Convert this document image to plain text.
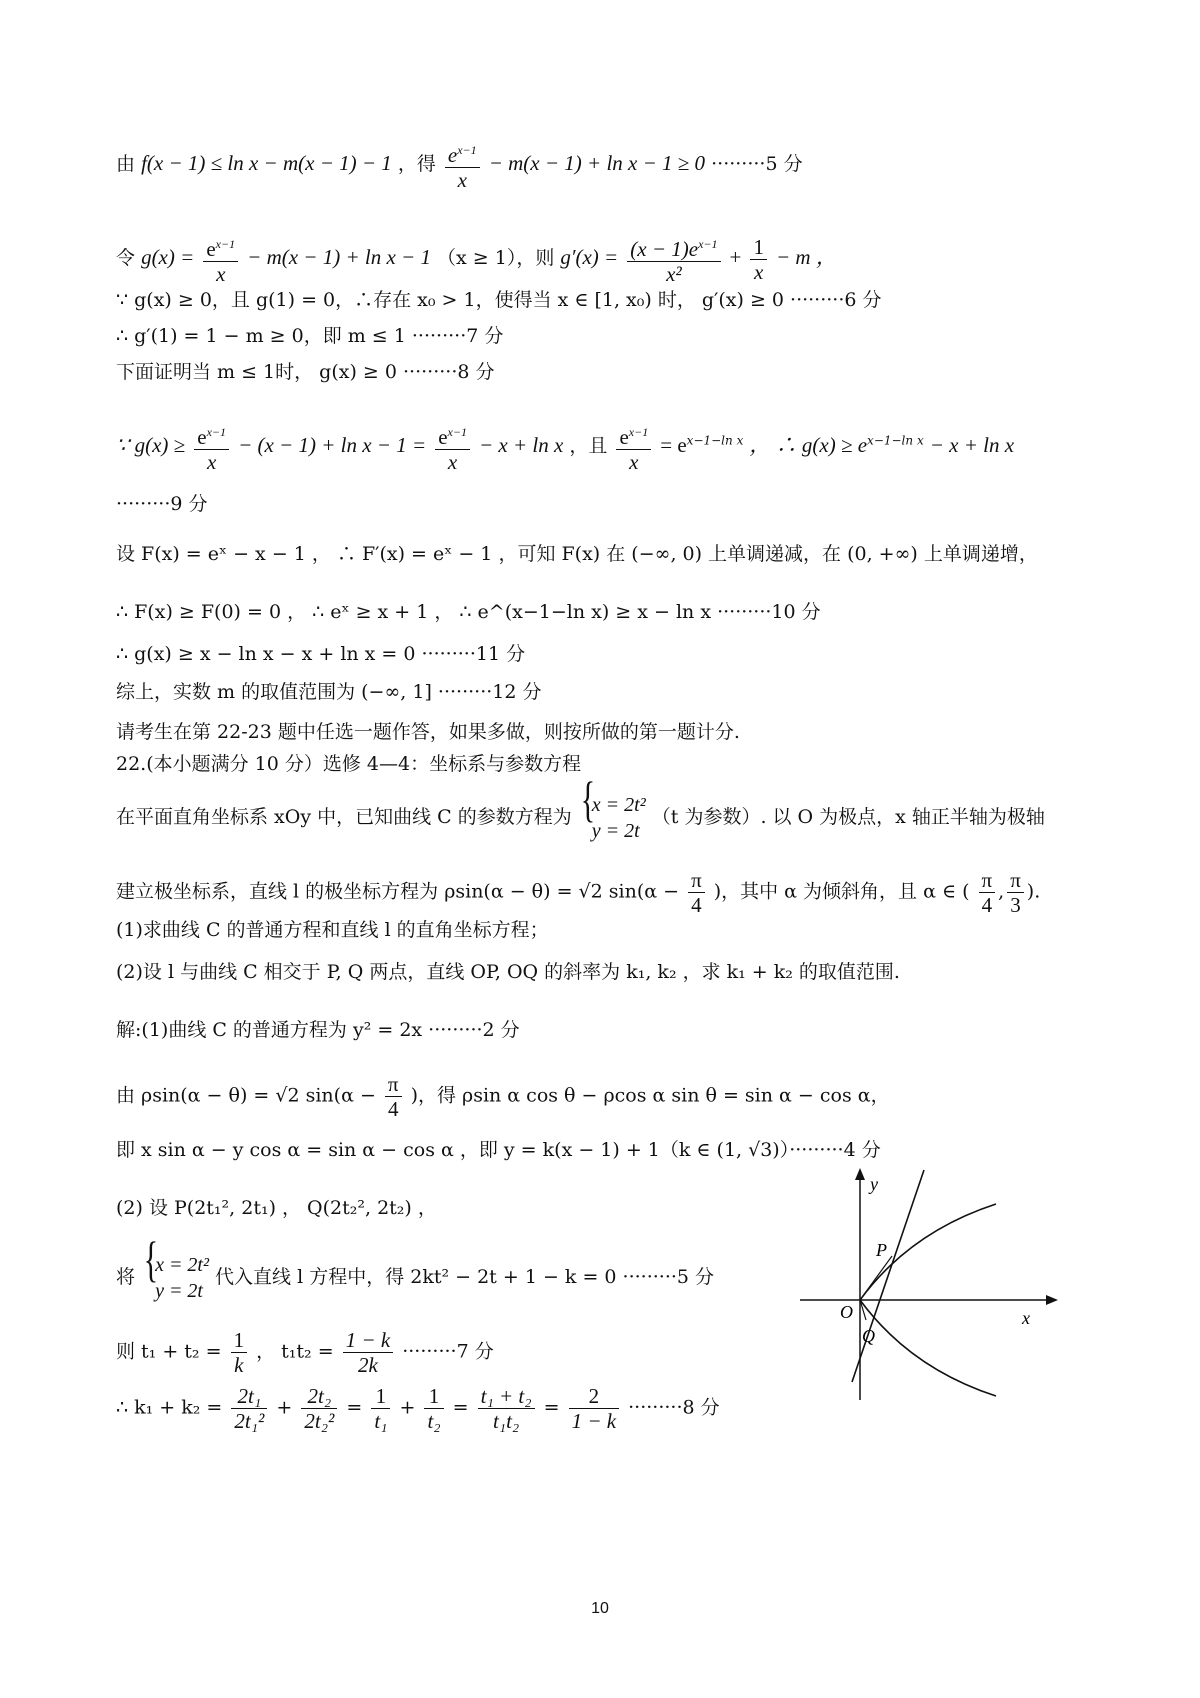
由 f(x − 1) ≤ ln x − m(x − 1) − 1 ，得 $\frac{e^{x-1}}{x} - m(x - 1) + \ln x - 1 \ge 0 \cdot\cdot\cdot\cdot\cdot\cdot\cdot\cdot\cdot 5$ 分
令 $g(x) = \frac{e^{x-1}}{x} - m(x - 1) + \ln x - 1$ （x ≥ 1），则 $g'(x) = \frac{(x - 1)e^{x-1}}{\text{x²}} + \frac{1}{x} - m$ ，
∵ g(x) ≥ 0，且 g(1) = 0，∴存在 x₀ > 1，使得当 x ∈ [1, x₀) 时， g′(x) ≥ 0 ·········6 分
∴ g′(1) = 1 − m ≥ 0，即 m ≤ 1 ·········7 分
下面证明当 m ≤ 1时， g(x) ≥ 0 ·········8 分
∵ $g(x) \ge \frac{e^{x-1}}{x} - (x - 1) + \ln x - 1 = \frac{e^{x-1}}{x} - x + \ln x$ ，且 $\frac{e^{x-1}}{x} = e^{x-1-ln x}$ ， ∴ $g(x) \ge e^{x-1-ln x} - x + \ln x$
·········9 分
设 F(x) = eˣ − x − 1 ， ∴ F′(x) = eˣ − 1 ，可知 F(x) 在 (−∞, 0) 上单调递减，在 (0, +∞) 上单调递增，
∴ F(x) ≥ F(0) = 0 ， ∴ eˣ ≥ x + 1 ， ∴ e^(x−1−ln x) ≥ x − ln x ·········10 分
∴ g(x) ≥ x − ln x − x + ln x = 0 ·········11 分
综上，实数 m 的取值范围为 (−∞, 1] ·········12 分
请考生在第 22-23 题中任选一题作答，如果多做，则按所做的第一题计分.
22.(本小题满分 10 分）选修 4—4：坐标系与参数方程
在平面直角坐标系 xOy 中，已知曲线 C 的参数方程为
{ x = 2t²
y = 2t
（t 为参数）. 以 O 为极点，x 轴正半轴为极轴
建立极坐标系，直线 l 的极坐标方程为 ρsin(α − θ) = √2 $\sin(\alpha - \frac{\pi}{4}$ )，其中 α 为倾斜角，且 α ∈ ( $\frac{\pi}{4}$ , $\frac{\pi}{3}$ ).
(1)求曲线 C 的普通方程和直线 l 的直角坐标方程；
(2)设 l 与曲线 C 相交于 P, Q 两点，直线 OP, OQ 的斜率为 k₁, k₂ ，求 k₁ + k₂ 的取值范围.
解:(1)曲线 C 的普通方程为 y² = 2x ·········2 分
由 ρsin(α − θ) = √2 $\sin(\alpha - \frac{\pi}{4}$ )，得 ρsin α cos θ − ρcos α sin θ = sin α − cos α，
即 x sin α − y cos α = sin α − cos α ，即 y = k(x − 1) + 1（k ∈ (1, √3)）·········4 分
(2) 设 P(2t₁², 2t₁) ， Q(2t₂², 2t₂) ，
将
{ x = 2t²
y = 2t
代入直线 l 方程中，得 2kt² − 2t + 1 − k = 0 ·········5 分
则 $t_1 + t_2 = \frac{1}{k}$ ， $t_1t_2 = \frac{1 - k}{2k} \cdot\cdot\cdot\cdot\cdot\cdot\cdot\cdot\cdot 7$ 分
∴ $k_1 + k_2 = \frac{\text{2t₁}}{\text{2t₁²}} + \frac{\text{2t₂}}{\text{2t₂²}} = \frac{1}{\text{t₁}} + \frac{1}{\text{t₂}} = \frac{\text{t₁ + t₂}}{\text{t₁t₂}} = \frac{2}{1 - k} \cdot\cdot\cdot\cdot\cdot\cdot\cdot\cdot\cdot 8$ 分
y
x
O
P
Q
10
